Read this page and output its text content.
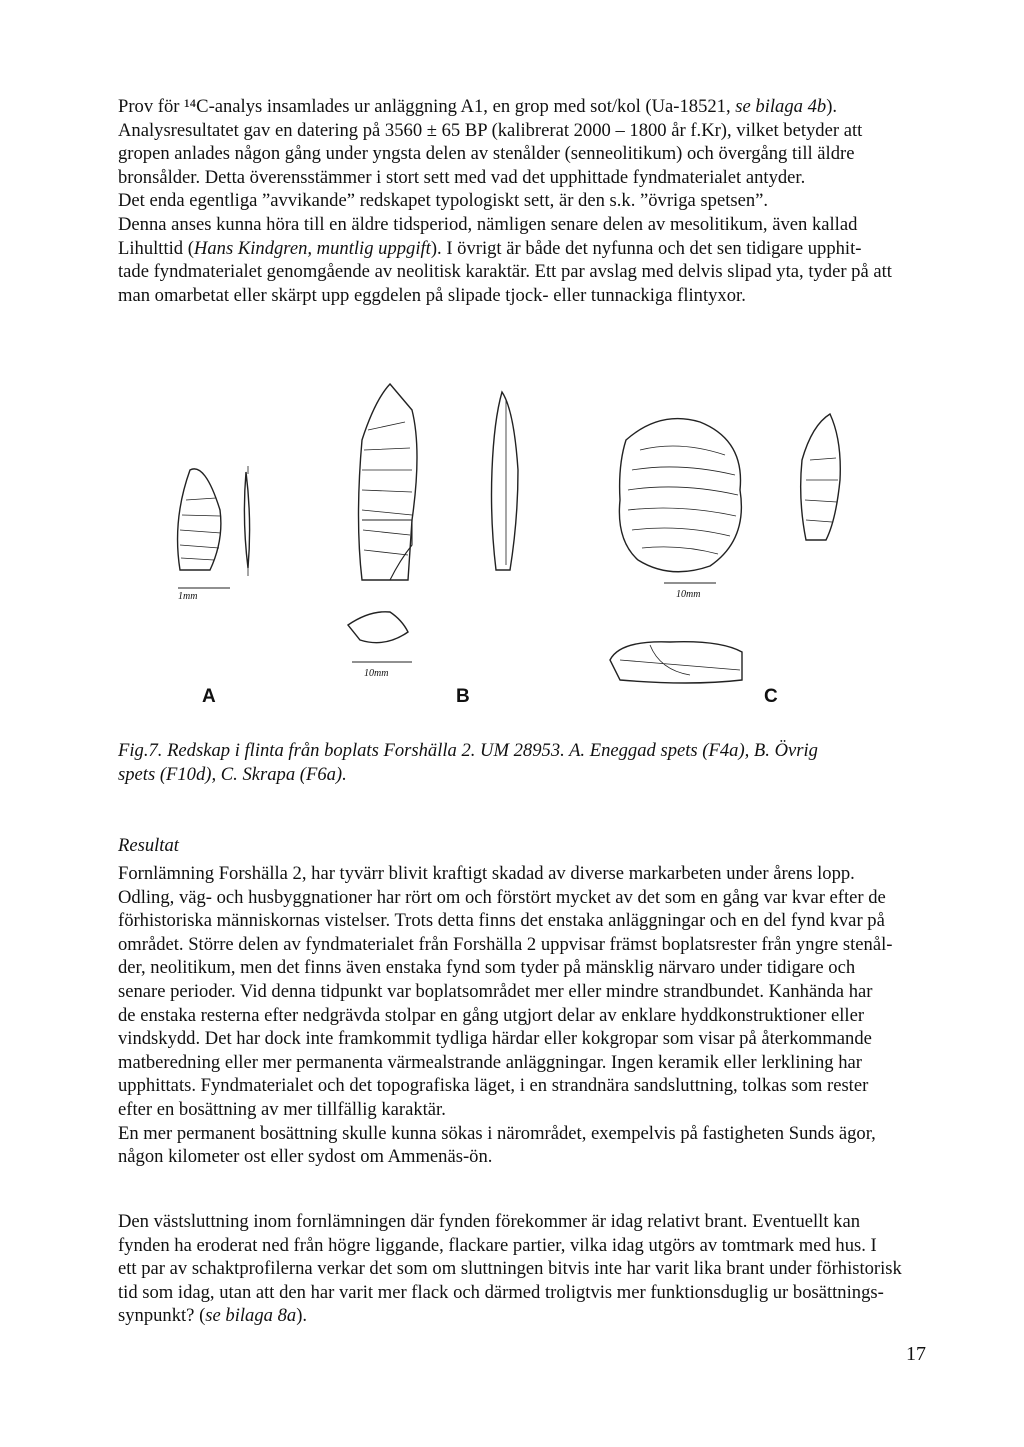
Prov för ¹⁴C-analys insamlades ur anläggning A1, en grop med sot/kol (Ua-18521, se bilaga 4b).
Analysresultatet gav en datering på 3560 ± 65 BP (kalibrerat 2000 – 1800 år f.Kr), vilket betyder att
gropen anlades någon gång under yngsta delen av stenålder (senneolitikum) och övergång till äldre
bronsålder. Detta överensstämmer i stort sett med vad det upphittade fyndmaterialet antyder.
Det enda egentliga ”avvikande” redskapet typologiskt sett, är den s.k. ”övriga spetsen”.
Denna anses kunna höra till en äldre tidsperiod, nämligen senare delen av mesolitikum, även kallad
Lihulttid (Hans Kindgren, muntlig uppgift). I övrigt är både det nyfunna och det sen tidigare upphit-
tade fyndmaterialet genomgående av neolitisk karaktär. Ett par avslag med delvis slipad yta, tyder på att
man omarbetat eller skärpt upp eggdelen på slipade tjock- eller tunnackiga flintyxor.
1mm
10mm
10mm
A	B	C
Fig.7. Redskap i flinta från boplats Forshälla 2. UM 28953. A. Eneggad spets (F4a), B. Övrig
spets (F10d), C. Skrapa (F6a).
Resultat
Fornlämning Forshälla 2, har tyvärr blivit kraftigt skadad av diverse markarbeten under årens lopp.
Odling, väg- och husbyggnationer har rört om och förstört mycket av det som en gång var kvar efter de
förhistoriska människornas vistelser. Trots detta finns det enstaka anläggningar och en del fynd kvar på
området. Större delen av fyndmaterialet från Forshälla 2 uppvisar främst boplatsrester från yngre stenål-
der, neolitikum, men det finns även enstaka fynd som tyder på mänsklig närvaro under tidigare och
senare perioder. Vid denna tidpunkt var boplatsområdet mer eller mindre strandbundet. Kanhända har
de enstaka resterna efter nedgrävda stolpar en gång utgjort delar av enklare hyddkonstruktioner eller
vindskydd. Det har dock inte framkommit tydliga härdar eller kokgropar som visar på återkommande
matberedning eller mer permanenta värmealstrande anläggningar. Ingen keramik eller lerklining har
upphittats. Fyndmaterialet och det topografiska läget, i en strandnära sandsluttning, tolkas som rester
efter en bosättning av mer tillfällig karaktär.
En mer permanent bosättning skulle kunna sökas i närområdet, exempelvis på fastigheten Sunds ägor,
någon kilometer ost eller sydost om Ammenäs-ön.
Den västsluttning inom fornlämningen där fynden förekommer är idag relativt brant. Eventuellt kan
fynden ha eroderat ned från högre liggande, flackare partier, vilka idag utgörs av tomtmark med hus. I
ett par av schaktprofilerna verkar det som om sluttningen bitvis inte har varit lika brant under förhistorisk
tid som idag, utan att den har varit mer flack och därmed troligtvis mer funktionsduglig ur bosättnings-
synpunkt? (se bilaga 8a).
17
